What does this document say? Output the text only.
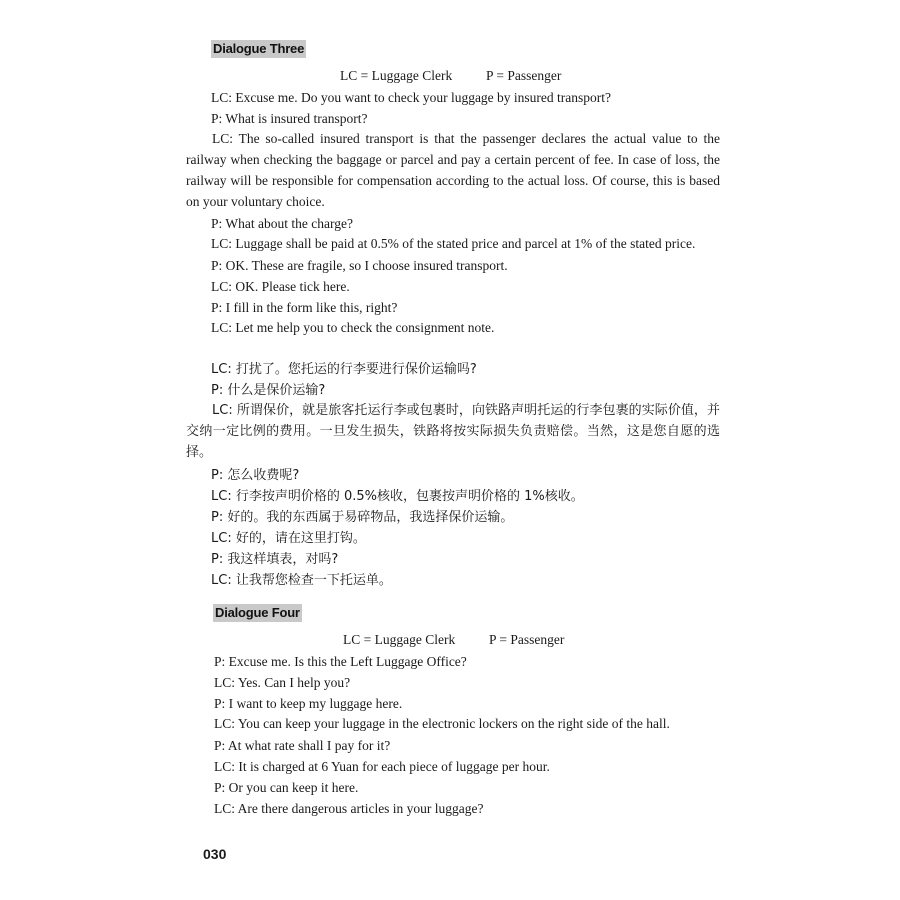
Dialogue Three
LC = Luggage Clerk          P = Passenger
LC: Excuse me. Do you want to check your luggage by insured transport?
P: What is insured transport?
LC: The so-called insured transport is that the passenger declares the actual value to the railway when checking the baggage or parcel and pay a certain percent of fee. In case of loss, the railway will be responsible for compensation according to the actual loss. Of course, this is based on your voluntary choice.
P: What about the charge?
LC: Luggage shall be paid at 0.5% of the stated price and parcel at 1% of the stated price.
P: OK. These are fragile, so I choose insured transport.
LC: OK. Please tick here.
P: I fill in the form like this, right?
LC: Let me help you to check the consignment note.
LC: 打扰了。您托运的行李要进行保价运输吗?
P: 什么是保价运输?
LC: 所谓保价，就是旅客托运行李或包裹时，向铁路声明托运的行李包裹的实际价值，并交纳一定比例的费用。一旦发生损失，铁路将按实际损失负责赔偿。当然，这是您自愿的选择。
P: 怎么收费呢?
LC: 行李按声明价格的 0.5%核收，包裹按声明价格的 1%核收。
P: 好的。我的东西属于易碎物品，我选择保价运输。
LC: 好的，请在这里打钩。
P: 我这样填表，对吗?
LC: 让我帮您检查一下托运单。
Dialogue Four
LC = Luggage Clerk          P = Passenger
P: Excuse me. Is this the Left Luggage Office?
LC: Yes. Can I help you?
P: I want to keep my luggage here.
LC: You can keep your luggage in the electronic lockers on the right side of the hall.
P: At what rate shall I pay for it?
LC: It is charged at 6 Yuan for each piece of luggage per hour.
P: Or you can keep it here.
LC: Are there dangerous articles in your luggage?
030
